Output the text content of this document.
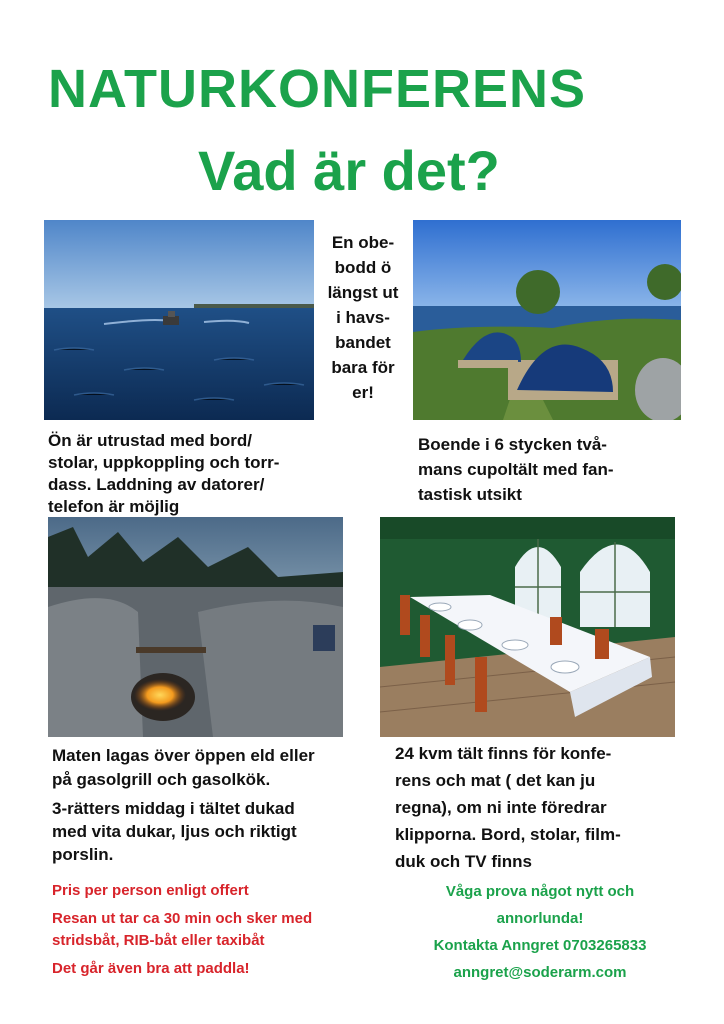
NATURKONFERENS
Vad är det?
En obe-
bodd ö
längst ut
i havs-
bandet
bara för
er!
Ön är utrustad med bord/
stolar, uppkoppling och torr-
dass. Laddning av datorer/
telefon är möjlig
Boende i 6 stycken två-
mans cupoltält med fan-
tastisk utsikt
Maten lagas över öppen eld eller
på gasolgrill och gasolkök.
3-rätters middag i tältet dukad
med vita dukar, ljus och riktigt
porslin.
24 kvm tält finns för konfe-
rens och mat ( det kan ju
regna), om ni inte föredrar
klipporna. Bord, stolar, film-
duk och TV finns
Pris per person enligt offert
Resan ut tar ca 30 min och sker med
stridsbåt, RIB-båt eller taxibåt
Det går även bra att paddla!
Våga prova något nytt och
annorlunda!
Kontakta Anngret 0703265833
anngret@soderarm.com
